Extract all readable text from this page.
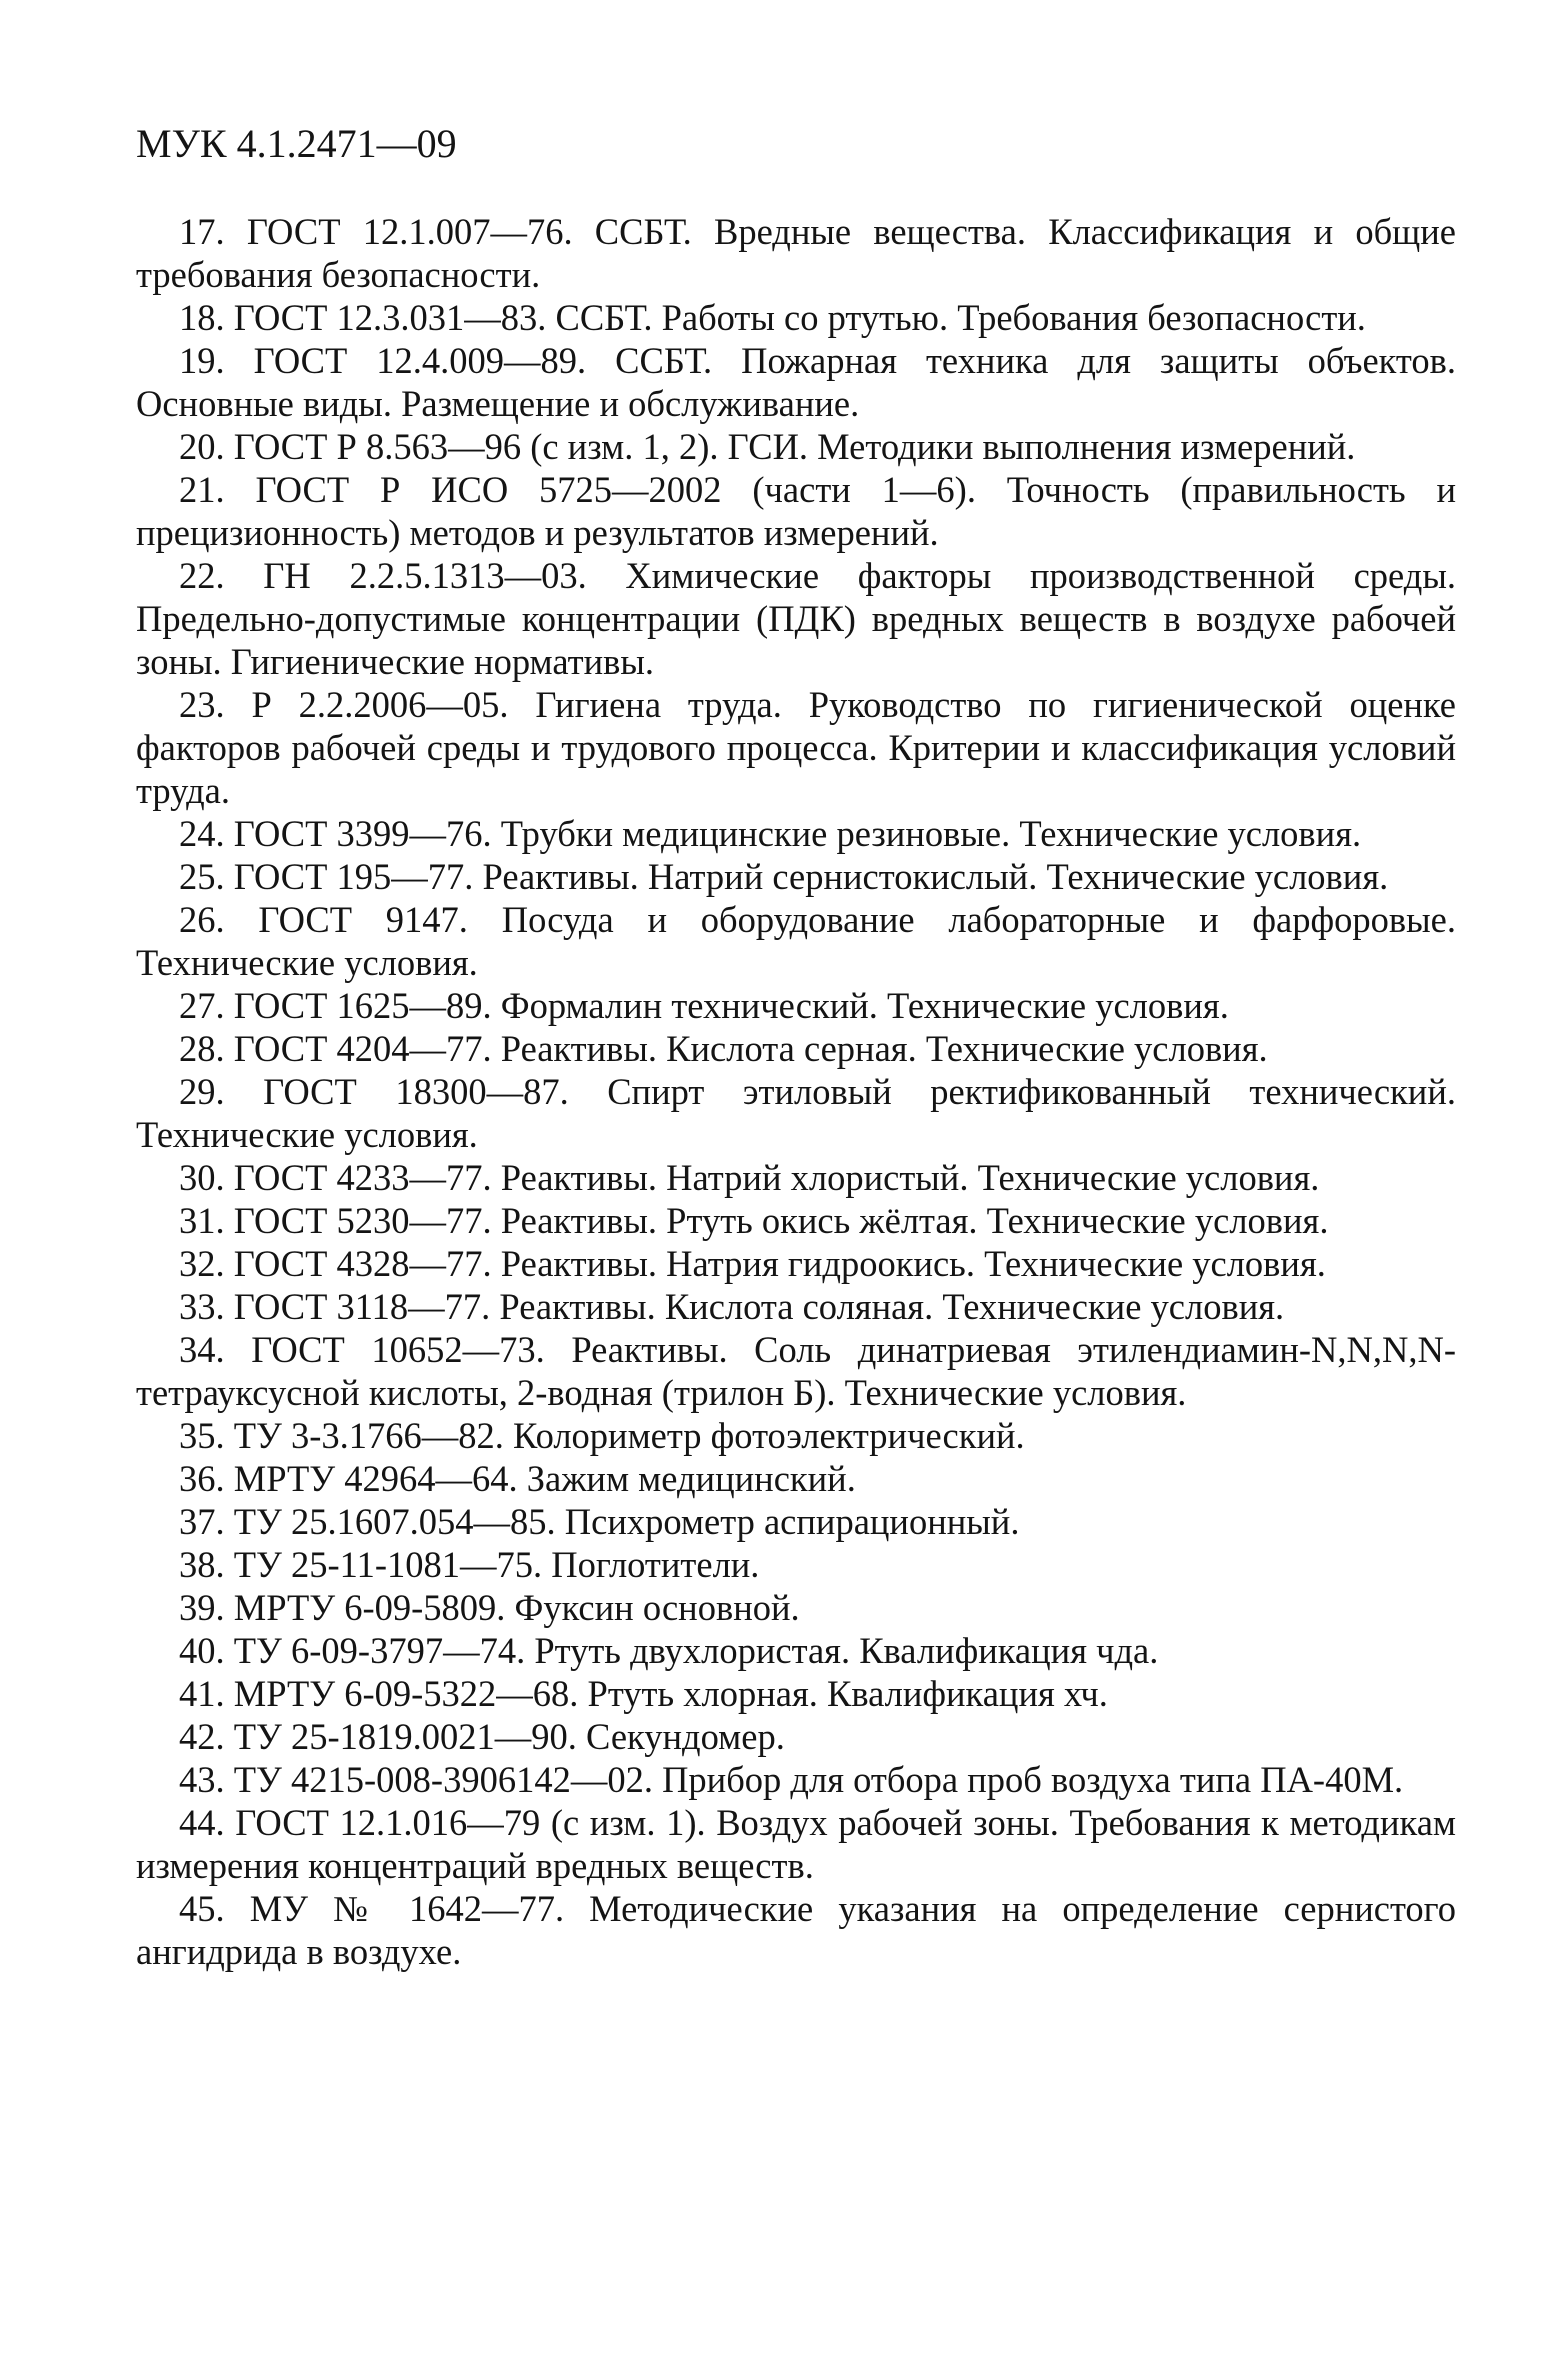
МУК 4.1.2471—09

17. ГОСТ 12.1.007—76. ССБТ. Вредные вещества. Классификация и общие требования безопасности.

18. ГОСТ 12.3.031—83. ССБТ. Работы со ртутью. Требования безопасности.

19. ГОСТ 12.4.009—89. ССБТ. Пожарная техника для защиты объектов. Основные виды. Размещение и обслуживание.

20. ГОСТ Р 8.563—96 (с изм. 1, 2). ГСИ. Методики выполнения измерений.

21. ГОСТ Р ИСО 5725—2002 (части 1—6). Точность (правильность и прецизионность) методов и результатов измерений.

22. ГН 2.2.5.1313—03. Химические факторы производственной среды. Предельно-допустимые концентрации (ПДК) вредных веществ в воздухе рабочей зоны. Гигиенические нормативы.

23. Р 2.2.2006—05. Гигиена труда. Руководство по гигиенической оценке факторов рабочей среды и трудового процесса. Критерии и классификация условий труда.

24. ГОСТ 3399—76. Трубки медицинские резиновые. Технические условия.

25. ГОСТ 195—77. Реактивы. Натрий сернистокислый. Технические условия.

26. ГОСТ 9147. Посуда и оборудование лабораторные и фарфоровые. Технические условия.

27. ГОСТ 1625—89. Формалин технический. Технические условия.

28. ГОСТ 4204—77. Реактивы. Кислота серная. Технические условия.

29. ГОСТ 18300—87. Спирт этиловый ректификованный технический. Технические условия.

30. ГОСТ 4233—77. Реактивы. Натрий хлористый. Технические условия.

31. ГОСТ 5230—77. Реактивы. Ртуть окись жёлтая. Технические условия.

32. ГОСТ 4328—77. Реактивы. Натрия гидроокись. Технические условия.

33. ГОСТ 3118—77. Реактивы. Кислота соляная. Технические условия.

34. ГОСТ 10652—73. Реактивы. Соль динатриевая этилендиамин-N,N,N,N-тетрауксусной кислоты, 2-водная (трилон Б). Технические условия.

35. ТУ 3-3.1766—82. Колориметр фотоэлектрический.

36. МРТУ 42964—64. Зажим медицинский.

37. ТУ 25.1607.054—85. Психрометр аспирационный.

38. ТУ 25-11-1081—75. Поглотители.

39. МРТУ 6-09-5809. Фуксин основной.

40. ТУ 6-09-3797—74. Ртуть двухлористая. Квалификация чда.

41. МРТУ 6-09-5322—68. Ртуть хлорная. Квалификация хч.

42. ТУ 25-1819.0021—90. Секундомер.

43. ТУ 4215-008-3906142—02. Прибор для отбора проб воздуха типа ПА-40М.

44. ГОСТ 12.1.016—79 (с изм. 1). Воздух рабочей зоны. Требования к методикам измерения концентраций вредных веществ.

45. МУ № 1642—77. Методические указания на определение сернистого ангидрида в воздухе.
